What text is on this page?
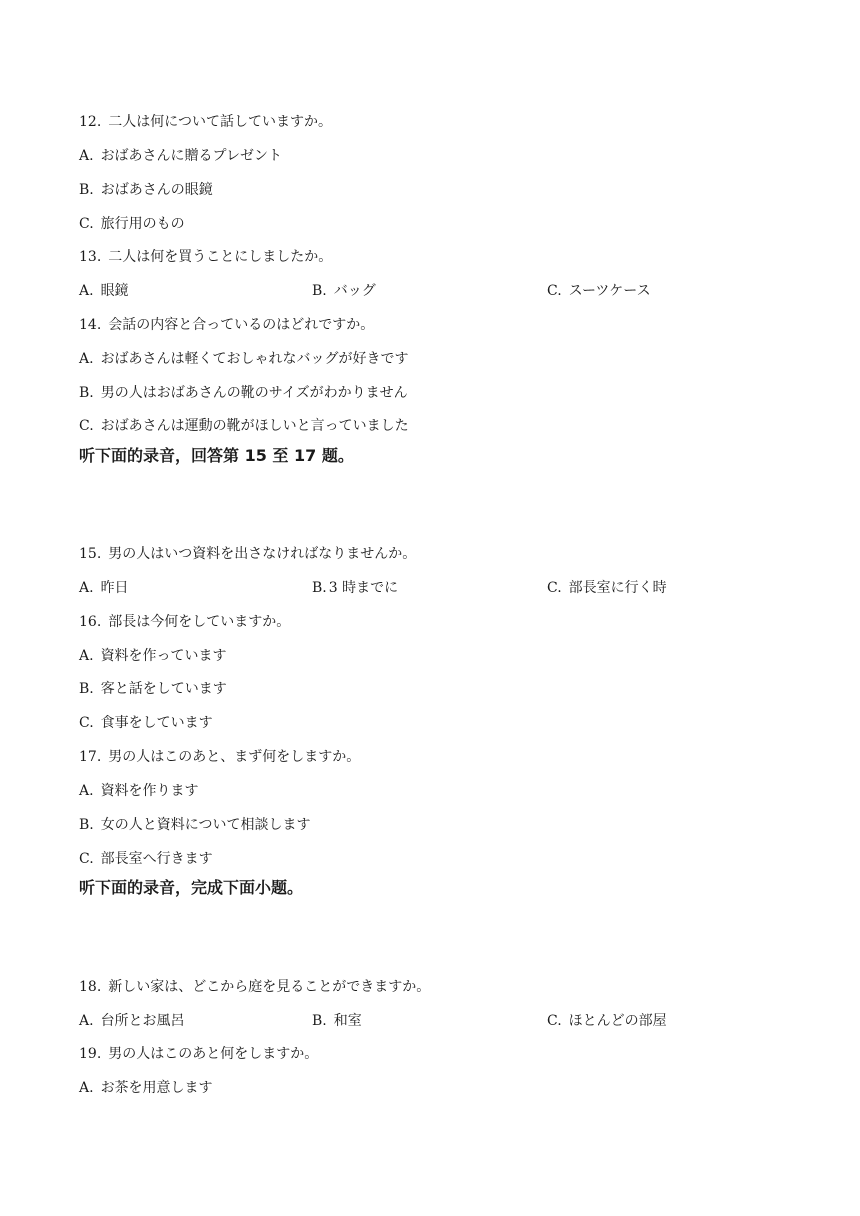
12. 二人は何について話していますか。
A. おばあさんに贈るプレゼント
B. おばあさんの眼鏡
C. 旅行用のもの
13. 二人は何を買うことにしましたか。
A. 眼鏡	B. バッグ	C. スーツケース
14. 会話の内容と合っているのはどれですか。
A. おばあさんは軽くておしゃれなバッグが好きです
B. 男の人はおばあさんの靴のサイズがわかりません
C. おばあさんは運動の靴がほしいと言っていました
听下面的录音，回答第 15 至 17 题。
15. 男の人はいつ資料を出さなければなりませんか。
A. 昨日	B. 3 時までに	C. 部長室に行く時
16. 部長は今何をしていますか。
A. 資料を作っています
B. 客と話をしています
C. 食事をしています
17. 男の人はこのあと、まず何をしますか。
A. 資料を作ります
B. 女の人と資料について相談します
C. 部長室へ行きます
听下面的录音，完成下面小题。
18. 新しい家は、どこから庭を見ることができますか。
A. 台所とお風呂	B. 和室	C. ほとんどの部屋
19. 男の人はこのあと何をしますか。
A. お茶を用意します
